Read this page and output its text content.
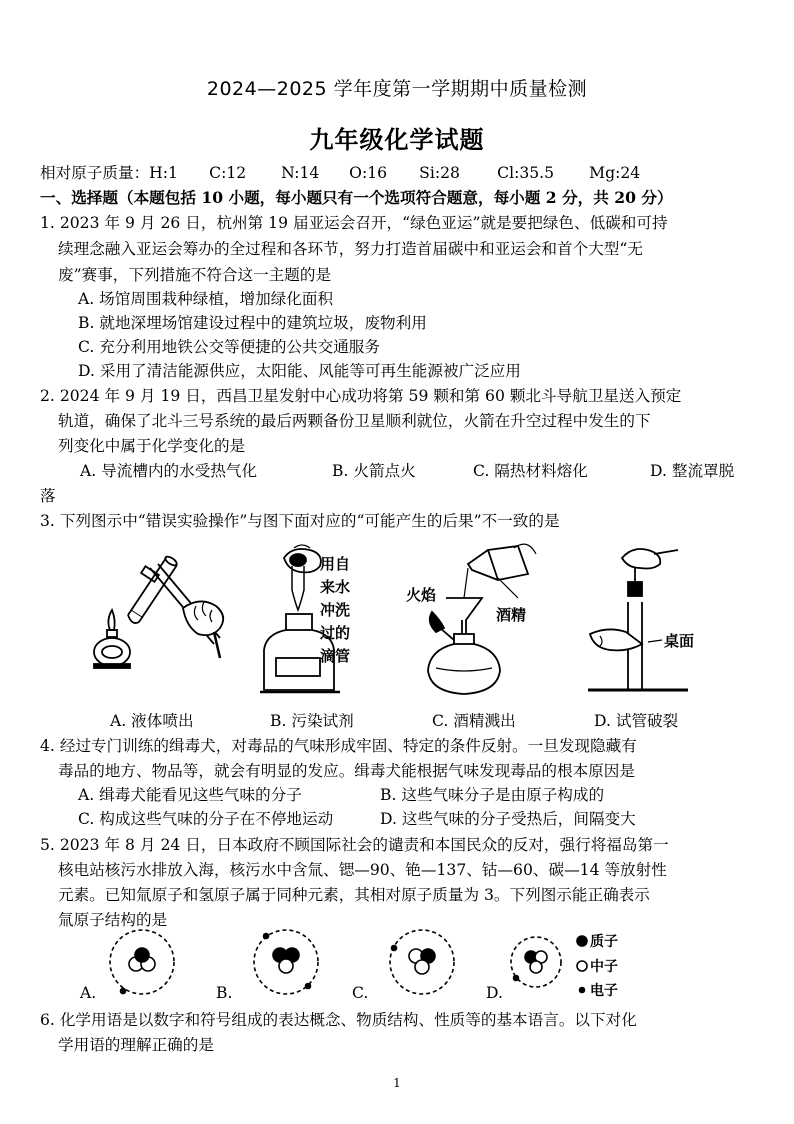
2024—2025 学年度第一学期期中质量检测
九年级化学试题
相对原子质量：H:1 C:12 N:14 O:16 Si:28 Cl:35.5 Mg:24
一、选择题（本题包括 10 小题，每小题只有一个选项符合题意，每小题 2 分，共 20 分）
1. 2023 年 9 月 26 日，杭州第 19 届亚运会召开，“绿色亚运”就是要把绿色、低碳和可持
续理念融入亚运会筹办的全过程和各环节，努力打造首届碳中和亚运会和首个大型“无
废”赛事，下列措施不符合这一主题的是
A. 场馆周围栽种绿植，增加绿化面积
B. 就地深埋场馆建设过程中的建筑垃圾，废物利用
C. 充分利用地铁公交等便捷的公共交通服务
D. 采用了清洁能源供应，太阳能、风能等可再生能源被广泛应用
2. 2024 年 9 月 19 日，西昌卫星发射中心成功将第 59 颗和第 60 颗北斗导航卫星送入预定
轨道，确保了北斗三号系统的最后两颗备份卫星顺利就位，火箭在升空过程中发生的下
列变化中属于化学变化的是
A. 导流槽内的水受热气化	B. 火箭点火	C. 隔热材料熔化	D. 整流罩脱
落
3. 下列图示中“错误实验操作”与图下面对应的“可能产生的后果”不一致的是
用自
来水
冲洗
过的
滴管
火焰
酒精
桌面
A. 液体喷出	B. 污染试剂	C. 酒精溅出	D. 试管破裂
4. 经过专门训练的缉毒犬，对毒品的气味形成牢固、特定的条件反射。一旦发现隐藏有
毒品的地方、物品等，就会有明显的发应。缉毒犬能根据气味发现毒品的根本原因是
A. 缉毒犬能看见这些气味的分子	B. 这些气味分子是由原子构成的
C. 构成这些气味的分子在不停地运动	D. 这些气味的分子受热后，间隔变大
5. 2023 年 8 月 24 日，日本政府不顾国际社会的谴责和本国民众的反对，强行将福岛第一
核电站核污水排放入海，核污水中含氚、锶—90、铯—137、钴—60、碳—14 等放射性
元素。已知氚原子和氢原子属于同种元素，其相对原子质量为 3。下列图示能正确表示
氚原子结构的是
质子
中子
电子
A.	B.	C.	D.
6. 化学用语是以数字和符号组成的表达概念、物质结构、性质等的基本语言。以下对化
学用语的理解正确的是
1
